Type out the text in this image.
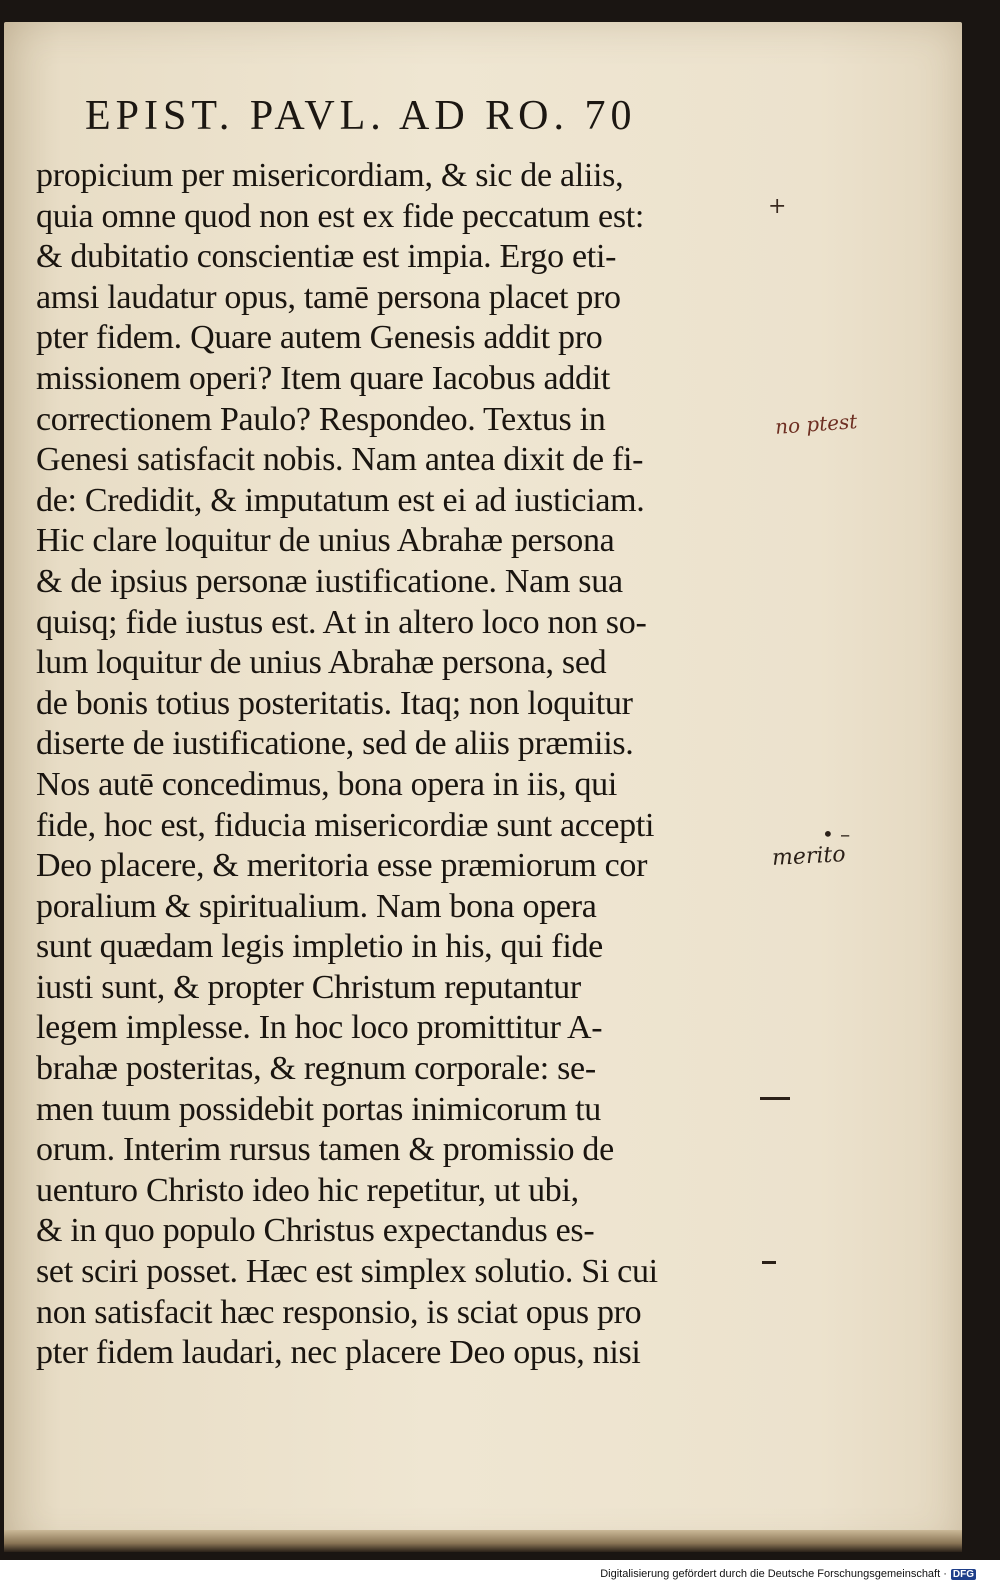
EPIST. PAVL. AD RO. 70
propicium per misericordiam, & sic de aliis,
quia omne quod non est ex fide peccatum est:
& dubitatio conscientiæ est impia. Ergo eti-
amsi laudatur opus, tamē persona placet pro
pter fidem. Quare autem Genesis addit pro
missionem operi? Item quare Iacobus addit
correctionem Paulo? Respondeo. Textus in
Genesi satisfacit nobis. Nam antea dixit de fi-
de: Credidit, & imputatum est ei ad iusticiam.
Hic clare loquitur de unius Abrahæ persona
& de ipsius personæ iustificatione. Nam sua
quisq; fide iustus est. At in altero loco non so-
lum loquitur de unius Abrahæ persona, sed
de bonis totius posteritatis. Itaq; non loquitur
diserte de iustificatione, sed de aliis præmiis.
Nos autē concedimus, bona opera in iis, qui
fide, hoc est, fiducia misericordiæ sunt accepti
Deo placere, & meritoria esse præmiorum cor
poralium & spiritualium. Nam bona opera
sunt quædam legis impletio in his, qui fide
iusti sunt, & propter Christum reputantur
legem implesse. In hoc loco promittitur A-
brahæ posteritas, & regnum corporale: se-
men tuum possidebit portas inimicorum tu
orum. Interim rursus tamen & promissio de
uenturo Christo ideo hic repetitur, ut ubi,
& in quo populo Christus expectandus es-
set sciri posset. Hæc est simplex solutio. Si cui
non satisfacit hæc responsio, is sciat opus pro
pter fidem laudari, nec placere Deo opus, nisi
+
no ptest
• –
merito
Digitalisierung gefördert durch die Deutsche Forschungsgemeinschaft · DFG
